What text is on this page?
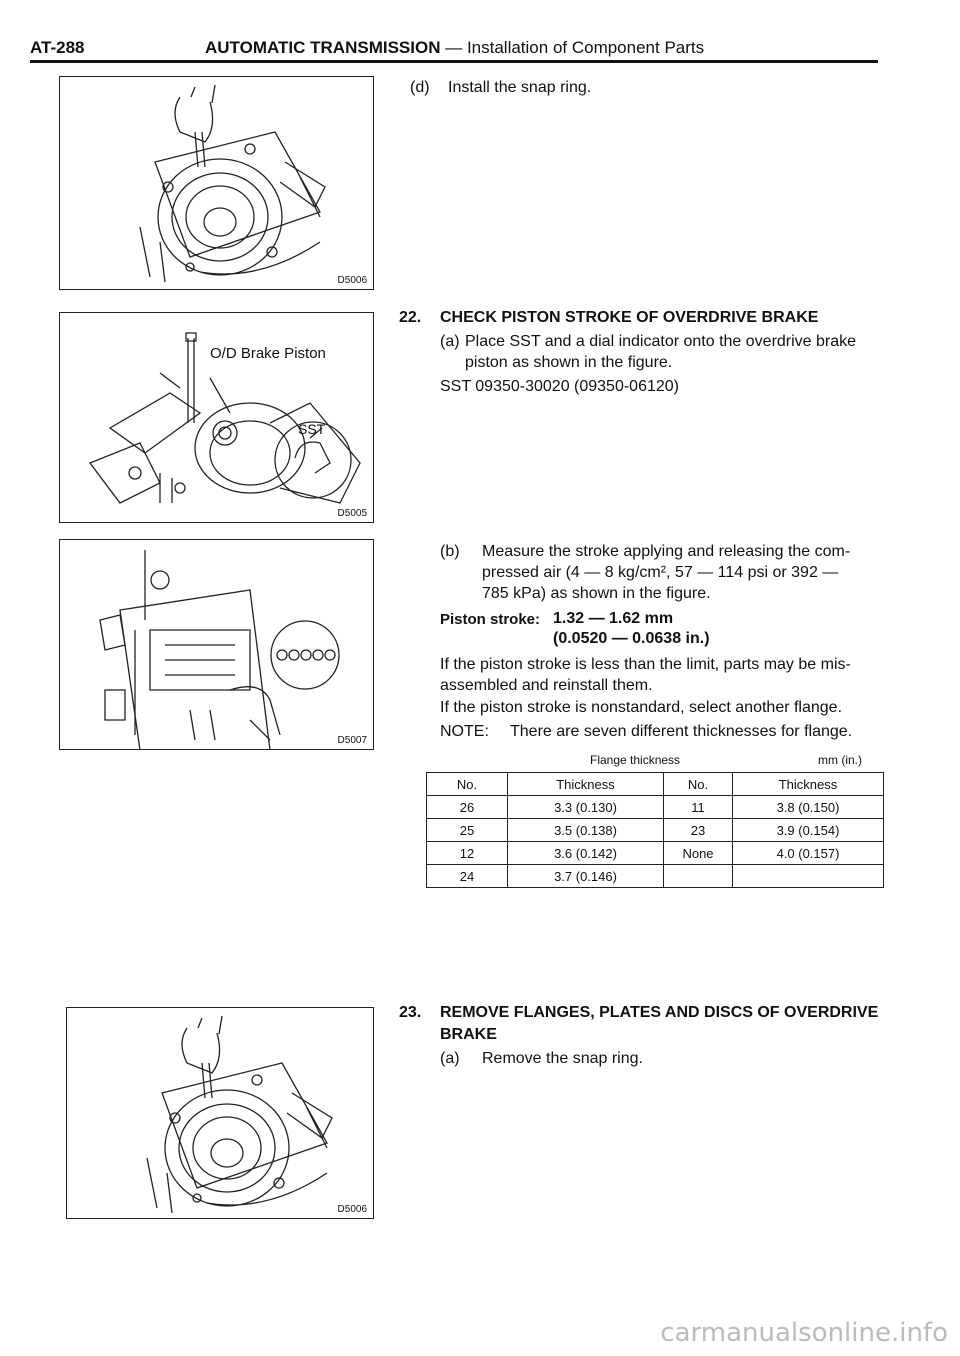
AT-288	AUTOMATIC TRANSMISSION — Installation of Component Parts
D5006
O/D Brake Piston
SST
D5005
D5007
D5006
(d) Install the snap ring.
22. CHECK PISTON STROKE OF OVERDRIVE BRAKE
(a) Place SST and a dial indicator onto the overdrive brake
piston as shown in the figure.
SST 09350-30020 (09350-06120)
(b) Measure the stroke applying and releasing the com-
pressed air (4 — 8 kg/cm², 57 — 114 psi or 392 —
785 kPa) as shown in the figure.
Piston stroke: 1.32 — 1.62 mm
(0.0520 — 0.0638 in.)
If the piston stroke is less than the limit, parts may be mis-
assembled and reinstall them.
If the piston stroke is nonstandard, select another flange.
NOTE: There are seven different thicknesses for flange.
Flange thickness	mm (in.)
No.	Thickness	No.	Thickness
26	3.3 (0.130)	11	3.8 (0.150)
25	3.5 (0.138)	23	3.9 (0.154)
12	3.6 (0.142)	None	4.0 (0.157)
24	3.7 (0.146)		
23. REMOVE FLANGES, PLATES AND DISCS OF OVERDRIVE
BRAKE
(a) Remove the snap ring.
carmanualsonline.info
